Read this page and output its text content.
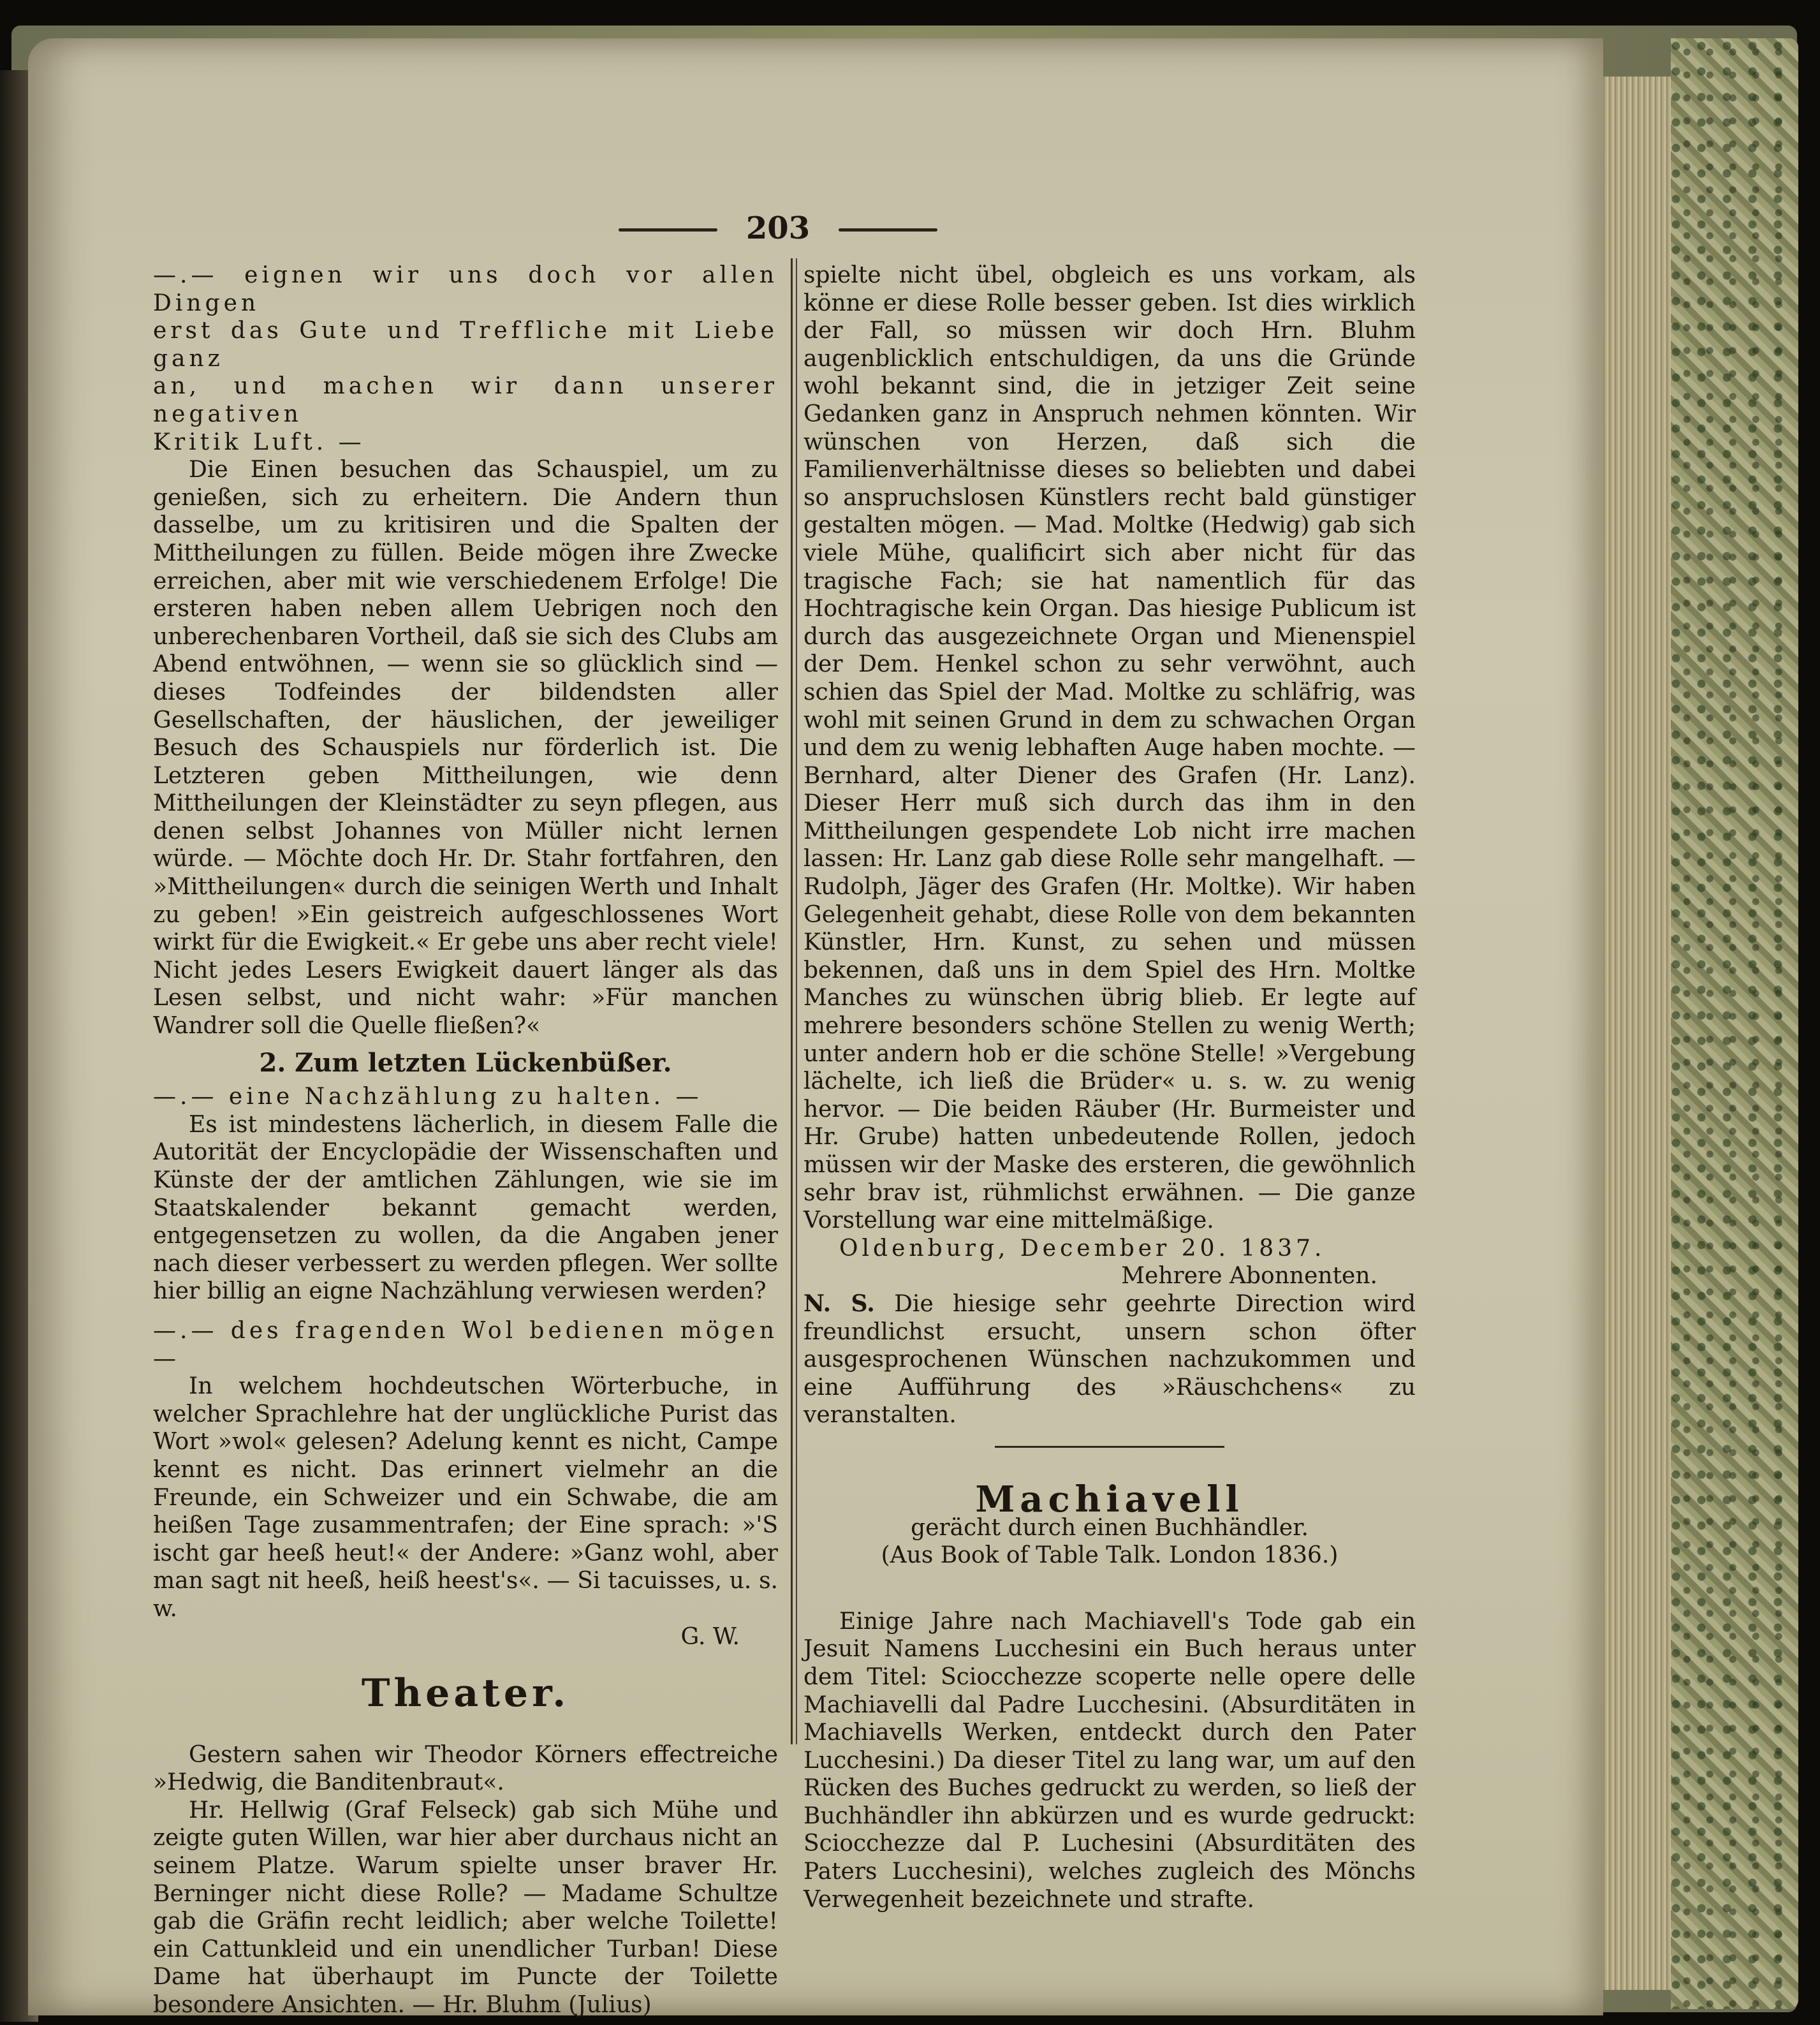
203

—.— eignen wir uns doch vor allen Dingen

erst das Gute und Treffliche mit Liebe ganz

an, und machen wir dann unserer negativen

Kritik Luft. —

Die Einen besuchen das Schauspiel, um zu genießen, sich zu erheitern. Die Andern thun dasselbe, um zu kritisiren und die Spalten der Mittheilungen zu füllen. Beide mögen ihre Zwecke erreichen, aber mit wie verschiedenem Erfolge! Die ersteren haben neben allem Uebrigen noch den unberechenbaren Vortheil, daß sie sich des Clubs am Abend entwöhnen, — wenn sie so glücklich sind — dieses Todfeindes der bildendsten aller Gesellschaften, der häuslichen, der jeweiliger Besuch des Schauspiels nur förderlich ist. Die Letzteren geben Mittheilungen, wie denn Mittheilungen der Kleinstädter zu seyn pflegen, aus denen selbst Johannes von Müller nicht lernen würde. — Möchte doch Hr. Dr. Stahr fortfahren, den »Mittheilungen« durch die seinigen Werth und Inhalt zu geben! »Ein geistreich aufgeschlossenes Wort wirkt für die Ewigkeit.« Er gebe uns aber recht viele! Nicht jedes Lesers Ewigkeit dauert länger als das Lesen selbst, und nicht wahr: »Für manchen Wandrer soll die Quelle fließen?«

2. Zum letzten Lückenbüßer.

—.— eine Nachzählung zu halten. —

Es ist mindestens lächerlich, in diesem Falle die Autorität der Encyclopädie der Wissenschaften und Künste der der amtlichen Zählungen, wie sie im Staatskalender bekannt gemacht werden, entgegensetzen zu wollen, da die Angaben jener nach dieser verbessert zu werden pflegen. Wer sollte hier billig an eigne Nachzählung verwiesen werden?

—.— des fragenden Wol bedienen mögen —

In welchem hochdeutschen Wörterbuche, in welcher Sprachlehre hat der unglückliche Purist das Wort »wol« gelesen? Adelung kennt es nicht, Campe kennt es nicht. Das erinnert vielmehr an die Freunde, ein Schweizer und ein Schwabe, die am heißen Tage zusammentrafen; der Eine sprach: »'S ischt gar heeß heut!« der Andere: »Ganz wohl, aber man sagt nit heeß, heiß heest's«. — Si tacuisses, u. s. w.

G. W.

Theater.

Gestern sahen wir Theodor Körners effectreiche »Hedwig, die Banditenbraut«.

Hr. Hellwig (Graf Felseck) gab sich Mühe und zeigte guten Willen, war hier aber durchaus nicht an seinem Platze. Warum spielte unser braver Hr. Berninger nicht diese Rolle? — Madame Schultze gab die Gräfin recht leidlich; aber welche Toilette! ein Cattunkleid und ein unendlicher Turban! Diese Dame hat überhaupt im Puncte der Toilette besondere Ansichten. — Hr. Bluhm (Julius)

spielte nicht übel, obgleich es uns vorkam, als könne er diese Rolle besser geben. Ist dies wirklich der Fall, so müssen wir doch Hrn. Bluhm augenblicklich entschuldigen, da uns die Gründe wohl bekannt sind, die in jetziger Zeit seine Gedanken ganz in Anspruch nehmen könnten. Wir wünschen von Herzen, daß sich die Familienverhältnisse dieses so beliebten und dabei so anspruchslosen Künstlers recht bald günstiger gestalten mögen. — Mad. Moltke (Hedwig) gab sich viele Mühe, qualificirt sich aber nicht für das tragische Fach; sie hat namentlich für das Hochtragische kein Organ. Das hiesige Publicum ist durch das ausgezeichnete Organ und Mienenspiel der Dem. Henkel schon zu sehr verwöhnt, auch schien das Spiel der Mad. Moltke zu schläfrig, was wohl mit seinen Grund in dem zu schwachen Organ und dem zu wenig lebhaften Auge haben mochte. — Bernhard, alter Diener des Grafen (Hr. Lanz). Dieser Herr muß sich durch das ihm in den Mittheilungen gespendete Lob nicht irre machen lassen: Hr. Lanz gab diese Rolle sehr mangelhaft. — Rudolph, Jäger des Grafen (Hr. Moltke). Wir haben Gelegenheit gehabt, diese Rolle von dem bekannten Künstler, Hrn. Kunst, zu sehen und müssen bekennen, daß uns in dem Spiel des Hrn. Moltke Manches zu wünschen übrig blieb. Er legte auf mehrere besonders schöne Stellen zu wenig Werth; unter andern hob er die schöne Stelle! »Vergebung lächelte, ich ließ die Brüder« u. s. w. zu wenig hervor. — Die beiden Räuber (Hr. Burmeister und Hr. Grube) hatten unbedeutende Rollen, jedoch müssen wir der Maske des ersteren, die gewöhnlich sehr brav ist, rühmlichst erwähnen. — Die ganze Vorstellung war eine mittelmäßige.

Oldenburg, December 20. 1837.

Mehrere Abonnenten.

N. S. Die hiesige sehr geehrte Direction wird freundlichst ersucht, unsern schon öfter ausgesprochenen Wünschen nachzukommen und eine Aufführung des »Räuschchens« zu veranstalten.

Machiavell

gerächt durch einen Buchhändler.

(Aus Book of Table Talk. London 1836.)

Einige Jahre nach Machiavell's Tode gab ein Jesuit Namens Lucchesini ein Buch heraus unter dem Titel: Sciocchezze scoperte nelle opere delle Machiavelli dal Padre Lucchesini. (Absurditäten in Machiavells Werken, entdeckt durch den Pater Lucchesini.) Da dieser Titel zu lang war, um auf den Rücken des Buches gedruckt zu werden, so ließ der Buchhändler ihn abkürzen und es wurde gedruckt: Sciocchezze dal P. Luchesini (Absurditäten des Paters Lucchesini), welches zugleich des Mönchs Verwegenheit bezeichnete und strafte.
